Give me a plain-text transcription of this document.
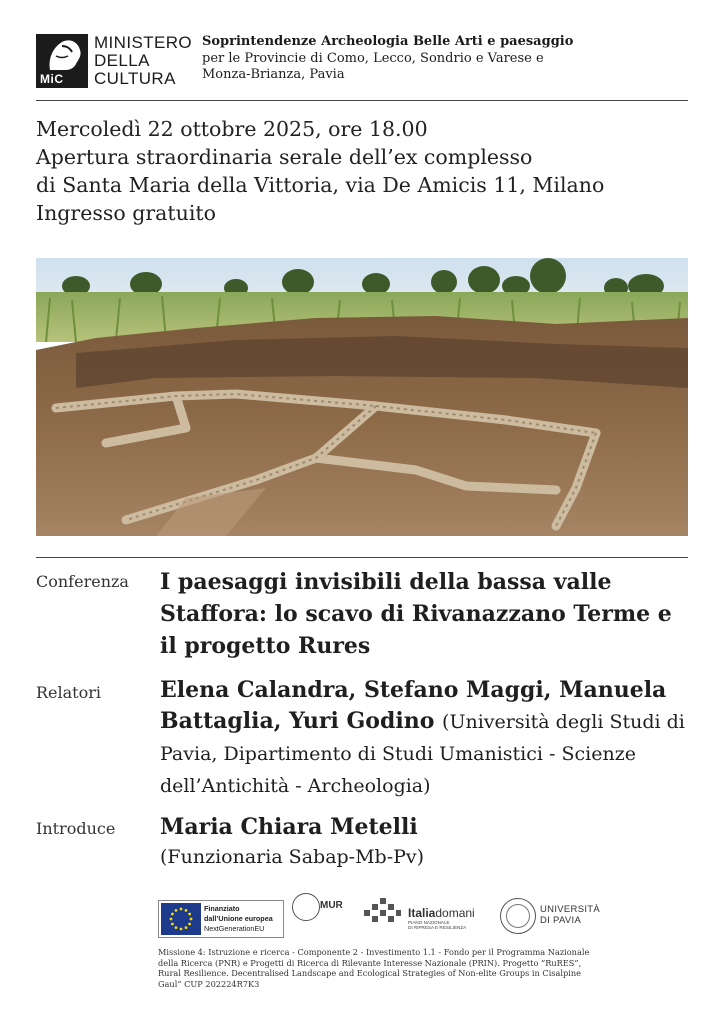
MiC
MINISTERO
DELLA
CULTURA
Soprintendenze Archeologia Belle Arti e paesaggio
per le Provincie di Como, Lecco, Sondrio e Varese e
Monza-Brianza, Pavia
Mercoledì 22 ottobre 2025, ore 18.00
Apertura straordinaria serale dell’ex complesso
di Santa Maria della Vittoria, via De Amicis 11, Milano
Ingresso gratuito
Conferenza I paesaggi invisibili della bassa valle Staffora: lo scavo di Rivanazzano Terme e il progetto Rures
Relatori	Elena Calandra, Stefano Maggi, Manuela Battaglia, Yuri Godino (Università degli Studi di Pavia, Dipartimento di Studi Umanistici - Scienze dell’Antichità - Archeologia)
Introduce Maria Chiara Metelli
(Funzionaria Sabap-Mb-Pv)
Finanziato
dall’Unione europea
NextGenerationEU
MUR
Italiadomani
PIANO NAZIONALE
DI RIPRESA E RESILIENZA
UNIVERSITÀ
DI PAVIA
Missione 4: Istruzione e ricerca - Componente 2 - Investimento 1.1 - Fondo per il Programma Nazionale della Ricerca (PNR) e Progetti di Ricerca di Rilevante Interesse Nazionale (PRIN). Progetto “RuRES”, Rural Resilience. Decentralised Landscape and Ecological Strategies of Non-elite Groups in Cisalpine Gaul” CUP 202224R7K3
